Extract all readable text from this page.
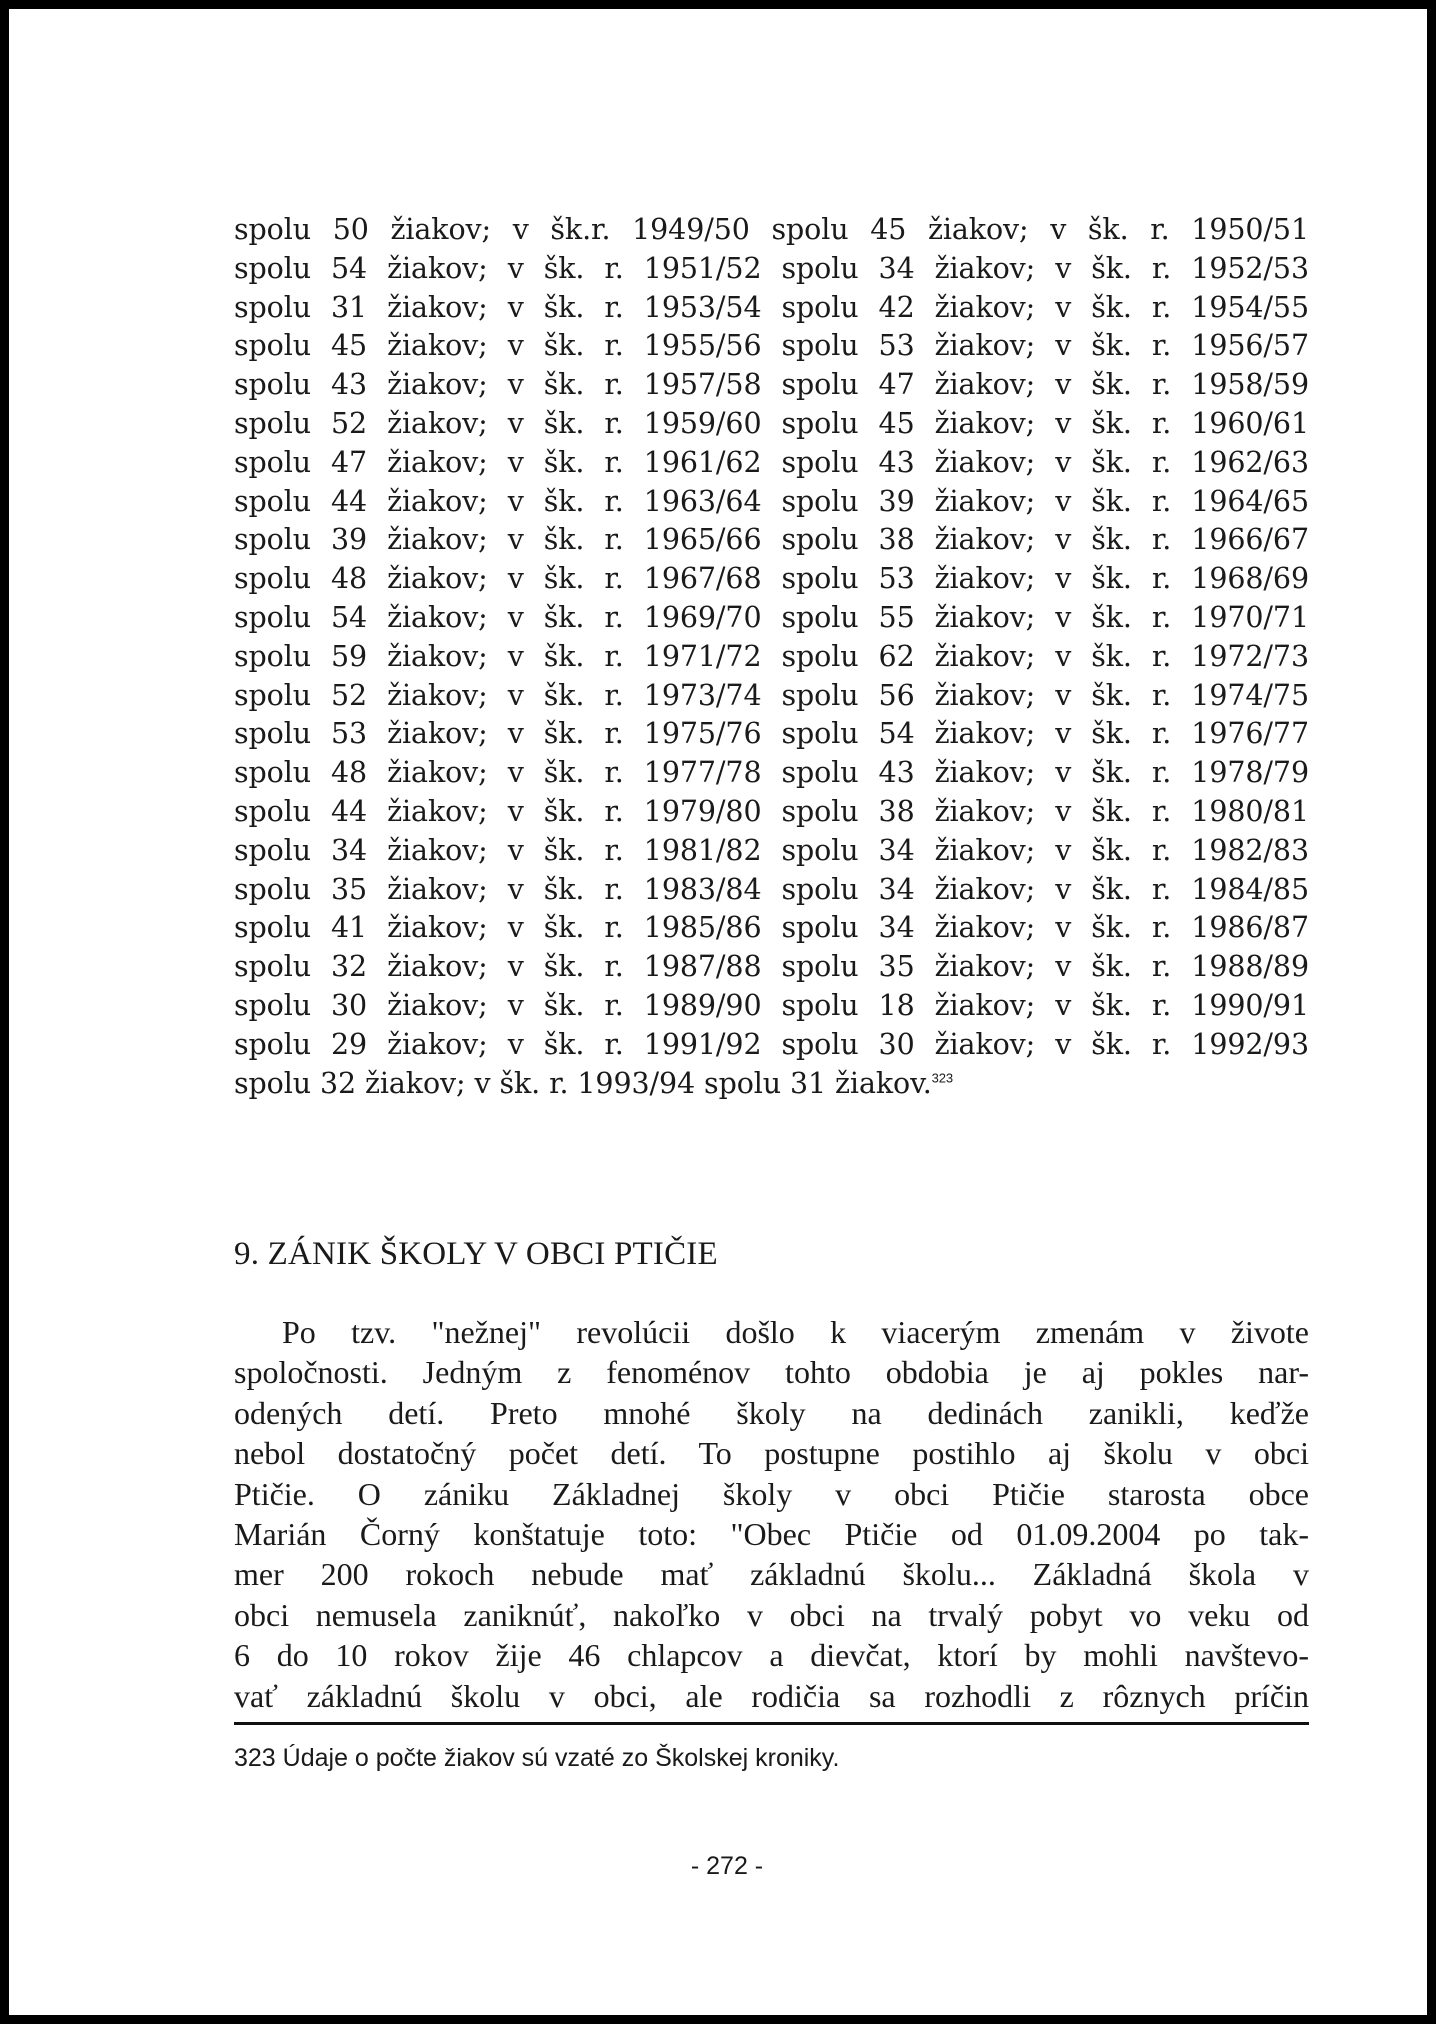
spolu 50 žiakov; v šk.r. 1949/50 spolu 45 žiakov; v šk. r. 1950/51
spolu 54 žiakov; v šk. r. 1951/52 spolu 34 žiakov; v šk. r. 1952/53
spolu 31 žiakov; v šk. r. 1953/54 spolu 42 žiakov; v šk. r. 1954/55
spolu 45 žiakov; v šk. r. 1955/56 spolu 53 žiakov; v šk. r. 1956/57
spolu 43 žiakov; v šk. r. 1957/58 spolu 47 žiakov; v šk. r. 1958/59
spolu 52 žiakov; v šk. r. 1959/60 spolu 45 žiakov; v šk. r. 1960/61
spolu 47 žiakov; v šk. r. 1961/62 spolu 43 žiakov; v šk. r. 1962/63
spolu 44 žiakov; v šk. r. 1963/64 spolu 39 žiakov; v šk. r. 1964/65
spolu 39 žiakov; v šk. r. 1965/66 spolu 38 žiakov; v šk. r. 1966/67
spolu 48 žiakov; v šk. r. 1967/68 spolu 53 žiakov; v šk. r. 1968/69
spolu 54 žiakov; v šk. r. 1969/70 spolu 55 žiakov; v šk. r. 1970/71
spolu 59 žiakov; v šk. r. 1971/72 spolu 62 žiakov; v šk. r. 1972/73
spolu 52 žiakov; v šk. r. 1973/74 spolu 56 žiakov; v šk. r. 1974/75
spolu 53 žiakov; v šk. r. 1975/76 spolu 54 žiakov; v šk. r. 1976/77
spolu 48 žiakov; v šk. r. 1977/78 spolu 43 žiakov; v šk. r. 1978/79
spolu 44 žiakov; v šk. r. 1979/80 spolu 38 žiakov; v šk. r. 1980/81
spolu 34 žiakov; v šk. r. 1981/82 spolu 34 žiakov; v šk. r. 1982/83
spolu 35 žiakov; v šk. r. 1983/84 spolu 34 žiakov; v šk. r. 1984/85
spolu 41 žiakov; v šk. r. 1985/86 spolu 34 žiakov; v šk. r. 1986/87
spolu 32 žiakov; v šk. r. 1987/88 spolu 35 žiakov; v šk. r. 1988/89
spolu 30 žiakov; v šk. r. 1989/90 spolu 18 žiakov; v šk. r. 1990/91
spolu 29 žiakov; v šk. r. 1991/92 spolu 30 žiakov; v šk. r. 1992/93
spolu 32 žiakov; v šk. r. 1993/94 spolu 31 žiakov.$^{323}$
9. ZÁNIK ŠKOLY V OBCI PTIČIE
Po tzv. "nežnej" revolúcii došlo k viacerým zmenám v živote
spoločnosti. Jedným z fenoménov tohto obdobia je aj pokles nar-
odených detí. Preto mnohé školy na dedinách zanikli, keďže
nebol dostatočný počet detí. To postupne postihlo aj školu v obci
Ptičie. O zániku Základnej školy v obci Ptičie starosta obce
Marián Čorný konštatuje toto: "Obec Ptičie od 01.09.2004 po tak-
mer 200 rokoch nebude mať základnú školu... Základná škola v
obci nemusela zaniknúť, nakoľko v obci na trvalý pobyt vo veku od
6 do 10 rokov žije 46 chlapcov a dievčat, ktorí by mohli navštevo-
vať základnú školu v obci, ale rodičia sa rozhodli z rôznych príčin
323 Údaje o počte žiakov sú vzaté zo Školskej kroniky.
- 272 -
